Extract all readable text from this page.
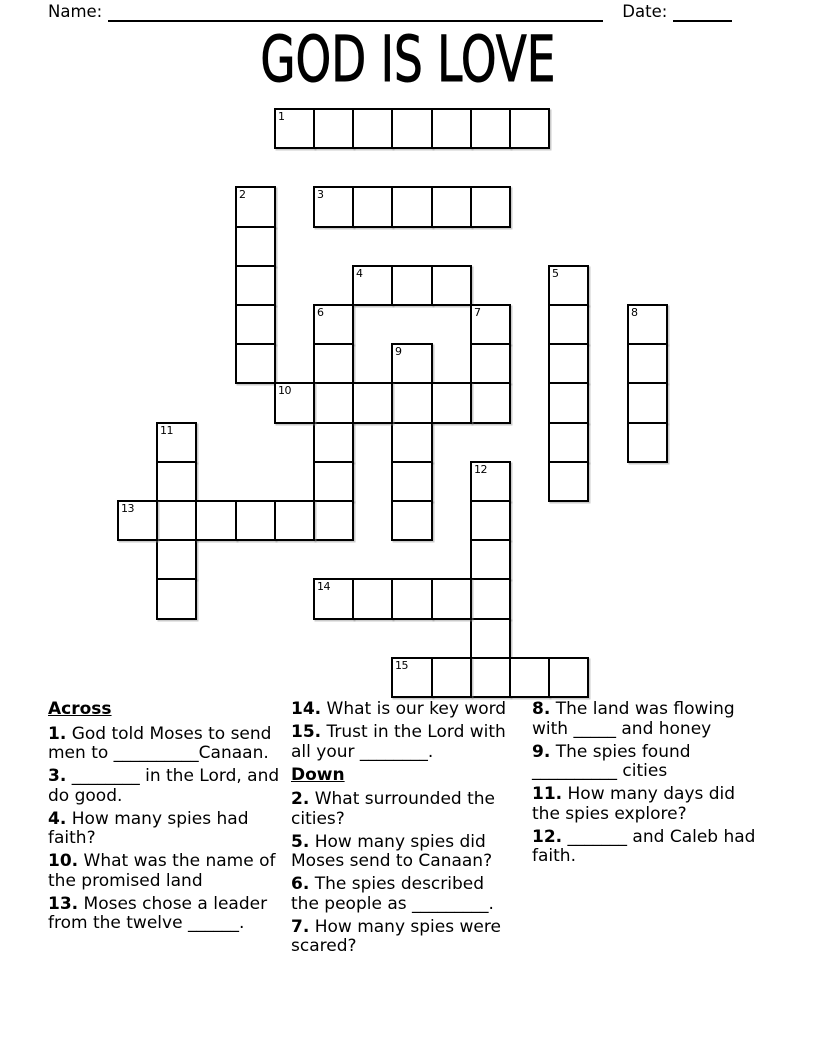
Name:	Date:
GOD IS LOVE
1
2	3
4	5
6	7	8
9
10
11
12
13
14
15
Across
1. God told Moses to send men to __________Canaan.
3. ________ in the Lord, and do good.
4. How many spies had faith?
10. What was the name of the promised land
13. Moses chose a leader from the twelve ______.
14. What is our key word
15. Trust in the Lord with all your ________.
Down
2. What surrounded the cities?
5. How many spies did Moses send to Canaan?
6. The spies described the people as _________.
7. How many spies were scared?
8. The land was flowing with _____ and honey
9. The spies found __________ cities
11. How many days did the spies explore?
12. _______ and Caleb had faith.
